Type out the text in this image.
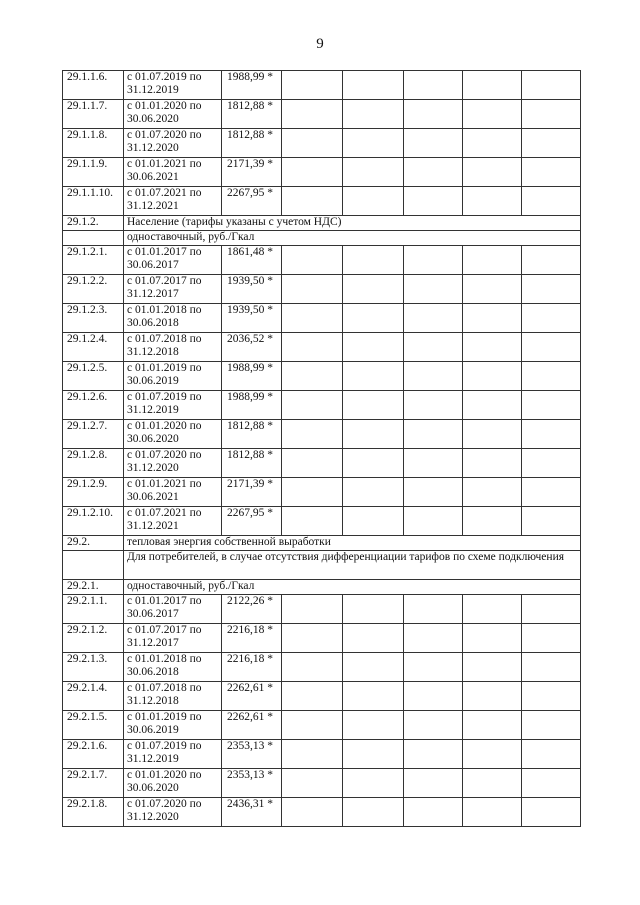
9
29.1.1.6.	с 01.07.2019 по 31.12.2019	1988,99 *					
29.1.1.7.	с 01.01.2020 по 30.06.2020	1812,88 *					
29.1.1.8.	с 01.07.2020 по 31.12.2020	1812,88 *					
29.1.1.9.	с 01.01.2021 по 30.06.2021	2171,39 *					
29.1.1.10.	с 01.07.2021 по 31.12.2021	2267,95 *					
29.1.2.	Население (тарифы указаны с учетом НДС)						
	одноставочный, руб./Гкал						
29.1.2.1.	с 01.01.2017 по 30.06.2017	1861,48 *					
29.1.2.2.	с 01.07.2017 по 31.12.2017	1939,50 *					
29.1.2.3.	с 01.01.2018 по 30.06.2018	1939,50 *					
29.1.2.4.	с 01.07.2018 по 31.12.2018	2036,52 *					
29.1.2.5.	с 01.01.2019 по 30.06.2019	1988,99 *					
29.1.2.6.	с 01.07.2019 по 31.12.2019	1988,99 *					
29.1.2.7.	с 01.01.2020 по 30.06.2020	1812,88 *					
29.1.2.8.	с 01.07.2020 по 31.12.2020	1812,88 *					
29.1.2.9.	с 01.01.2021 по 30.06.2021	2171,39 *					
29.1.2.10.	с 01.07.2021 по 31.12.2021	2267,95 *					
29.2.	тепловая энергия собственной выработки						
	Для потребителей, в случае отсутствия дифференциации тарифов по схеме подключения						
29.2.1.	одноставочный, руб./Гкал						
29.2.1.1.	с 01.01.2017 по 30.06.2017	2122,26 *					
29.2.1.2.	с 01.07.2017 по 31.12.2017	2216,18 *					
29.2.1.3.	с 01.01.2018 по 30.06.2018	2216,18 *					
29.2.1.4.	с 01.07.2018 по 31.12.2018	2262,61 *					
29.2.1.5.	с 01.01.2019 по 30.06.2019	2262,61 *					
29.2.1.6.	с 01.07.2019 по 31.12.2019	2353,13 *					
29.2.1.7.	с 01.01.2020 по 30.06.2020	2353,13 *					
29.2.1.8.	с 01.07.2020 по 31.12.2020	2436,31 *					
